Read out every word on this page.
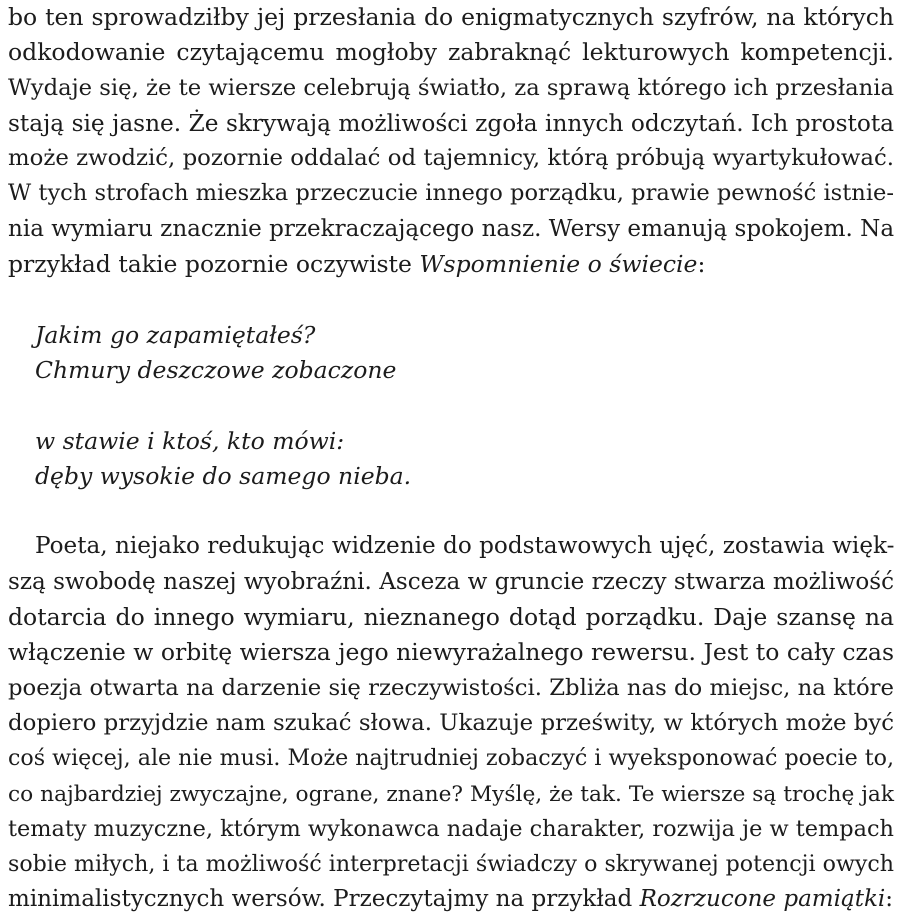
bo ten sprowadziłby jej przesłania do enigmatycznych szyfrów, na których
odkodowanie czytającemu mogłoby zabraknąć lekturowych kompetencji.
Wydaje się, że te wiersze celebrują światło, za sprawą którego ich przesłania
stają się jasne. Że skrywają możliwości zgoła innych odczytań. Ich prostota
może zwodzić, pozornie oddalać od tajemnicy, którą próbują wyartykułować.
W tych strofach mieszka przeczucie innego porządku, prawie pewność istnie-
nia wymiaru znacznie przekraczającego nasz. Wersy emanują spokojem. Na
przykład takie pozornie oczywiste Wspomnienie o świecie:
Jakim go zapamiętałeś?
Chmury deszczowe zobaczone
w stawie i ktoś, kto mówi:
dęby wysokie do samego nieba.
Poeta, niejako redukując widzenie do podstawowych ujęć, zostawia więk-
szą swobodę naszej wyobraźni. Asceza w gruncie rzeczy stwarza możliwość
dotarcia do innego wymiaru, nieznanego dotąd porządku. Daje szansę na
włączenie w orbitę wiersza jego niewyrażalnego rewersu. Jest to cały czas
poezja otwarta na darzenie się rzeczywistości. Zbliża nas do miejsc, na które
dopiero przyjdzie nam szukać słowa. Ukazuje prześwity, w których może być
coś więcej, ale nie musi. Może najtrudniej zobaczyć i wyeksponować poecie to,
co najbardziej zwyczajne, ograne, znane? Myślę, że tak. Te wiersze są trochę jak
tematy muzyczne, którym wykonawca nadaje charakter, rozwija je w tempach
sobie miłych, i ta możliwość interpretacji świadczy o skrywanej potencji owych
minimalistycznych wersów. Przeczytajmy na przykład Rozrzucone pamiątki:
